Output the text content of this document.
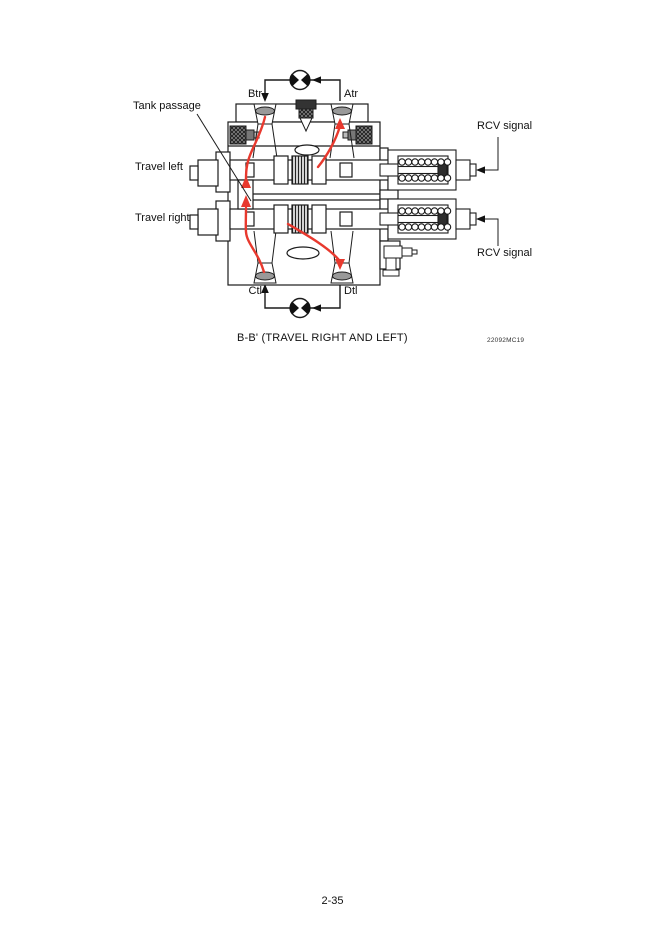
Tank passage
Travel left
Travel right
RCV signal
RCV signal
Btr	Atr
Ctl	Dtl
B-B' (TRAVEL RIGHT AND LEFT)	22092MC19
2-35
